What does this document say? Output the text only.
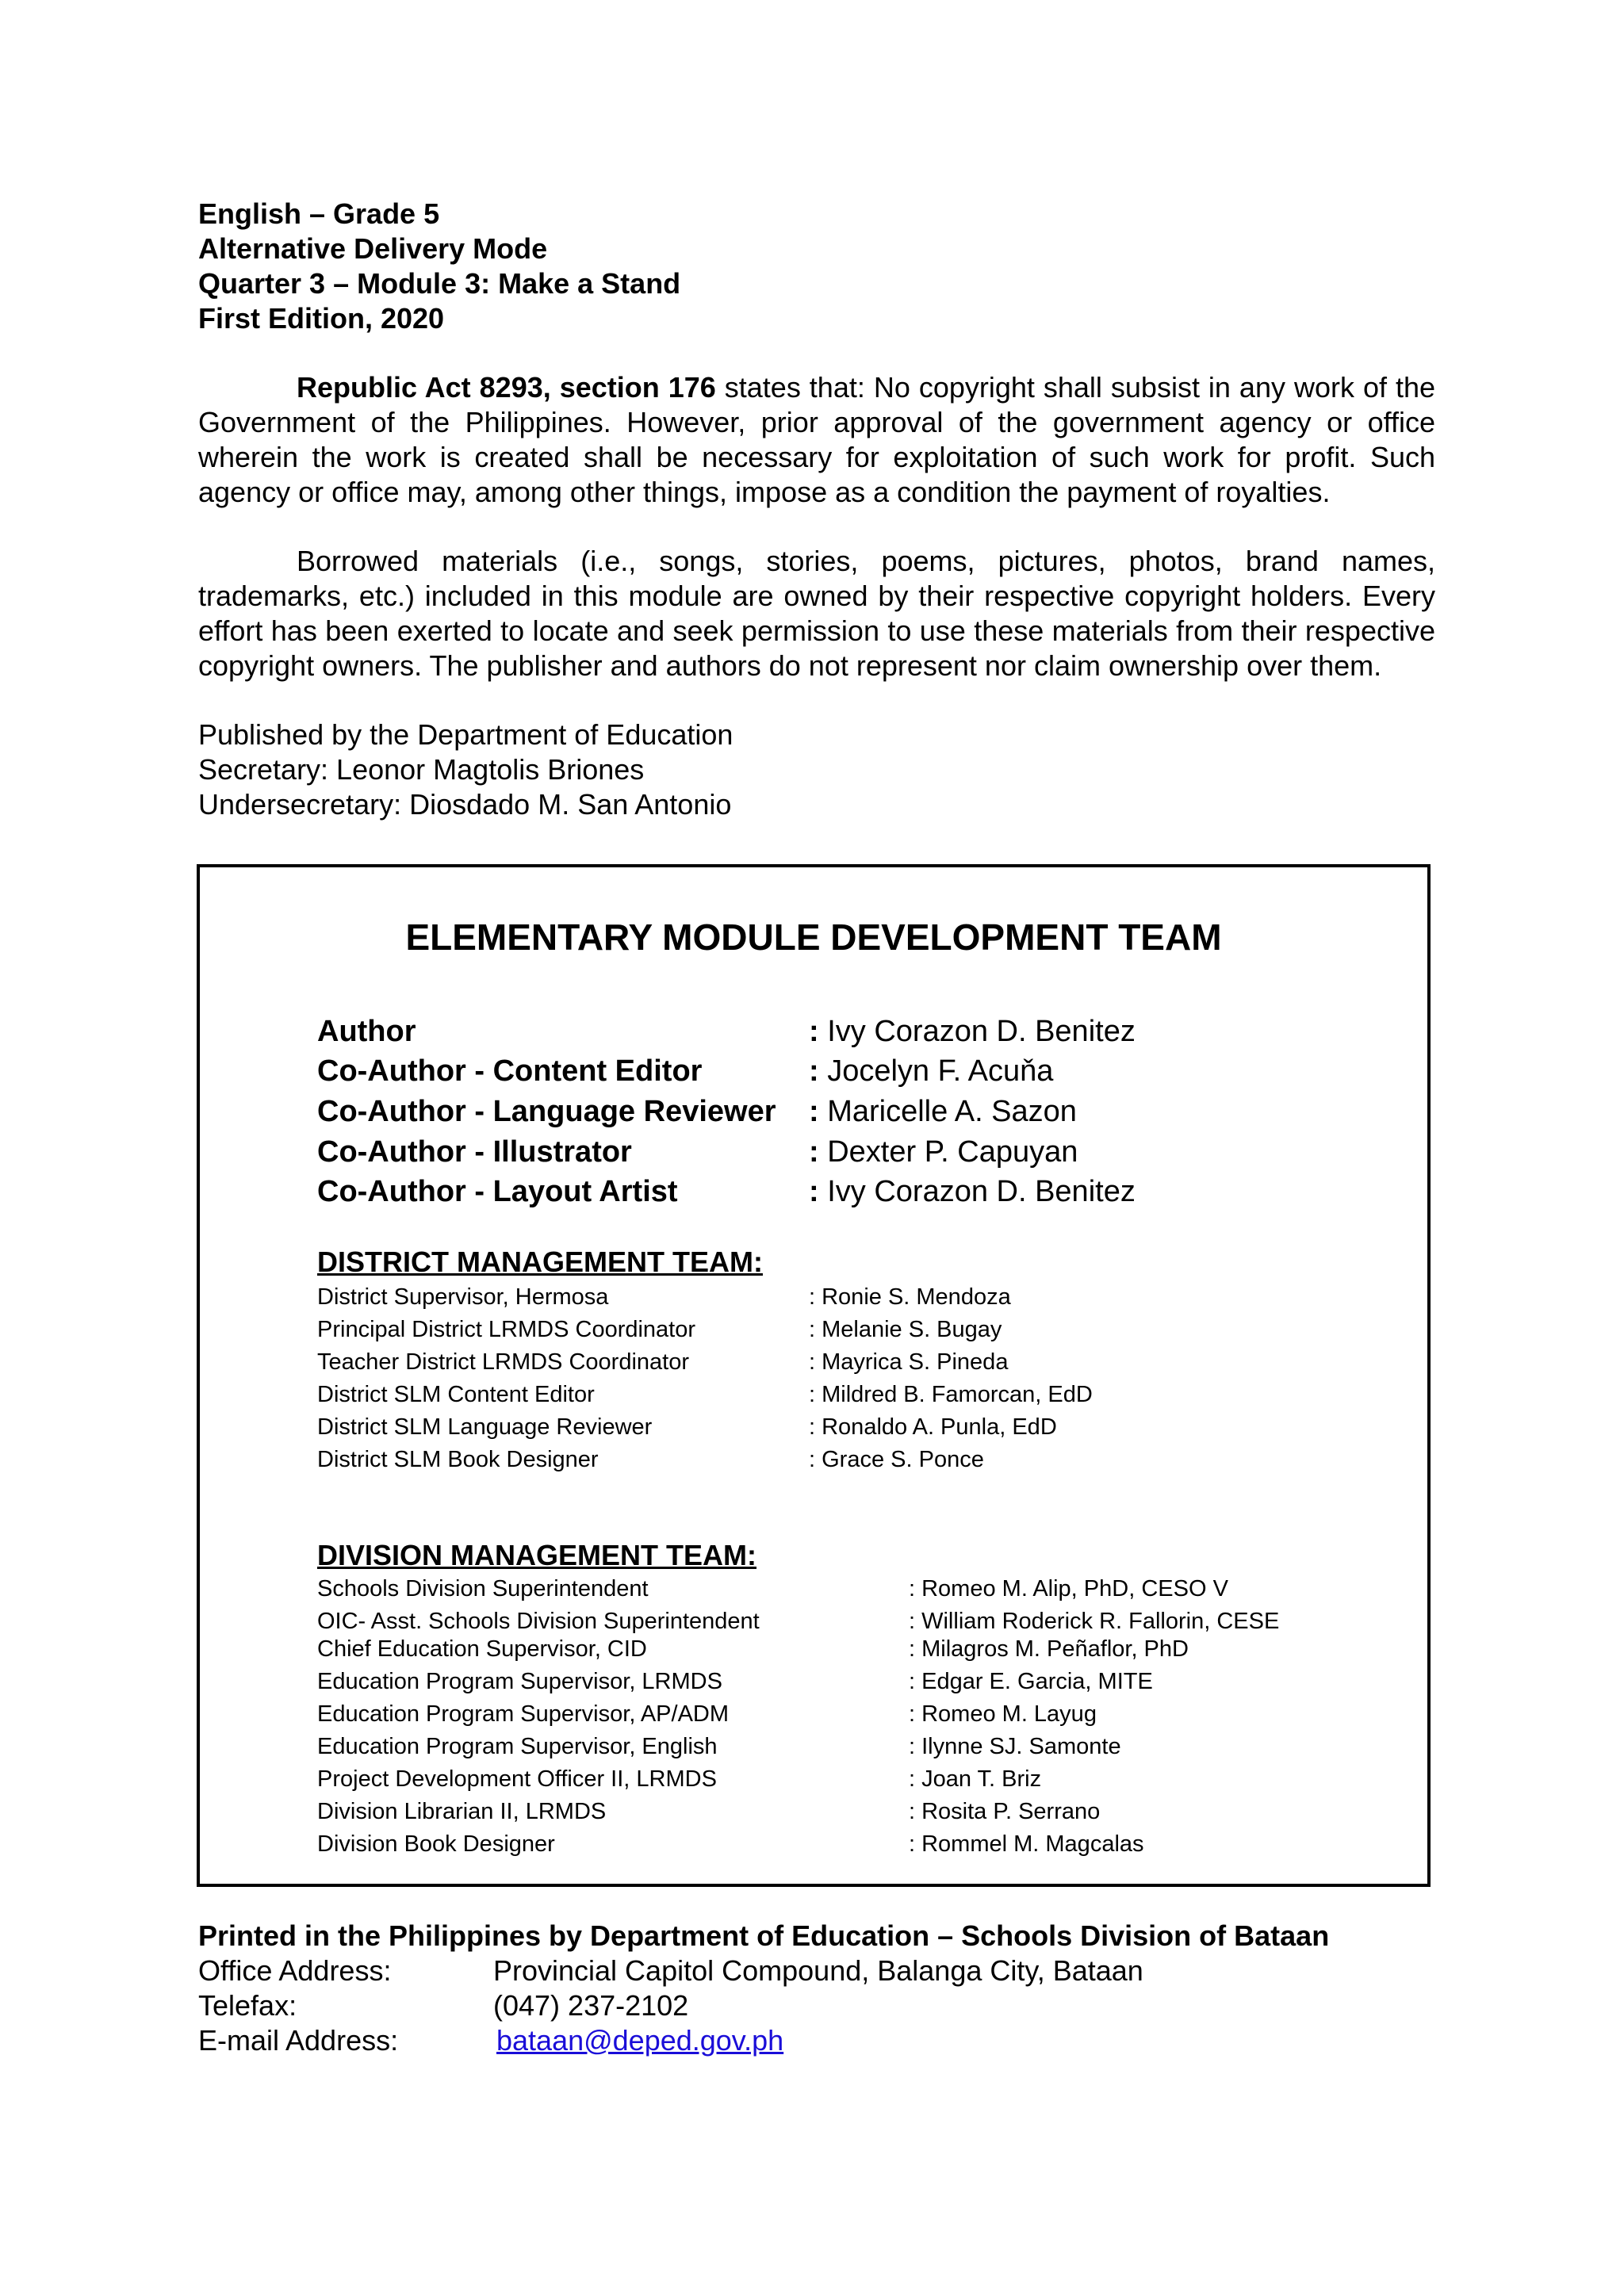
English – Grade 5
Alternative Delivery Mode
Quarter 3 – Module 3: Make a Stand
First Edition, 2020
Republic Act 8293, section 176 states that: No copyright shall subsist in any work of the Government of the Philippines. However, prior approval of the government agency or office wherein the work is created shall be necessary for exploitation of such work for profit. Such agency or office may, among other things, impose as a condition the payment of royalties.
Borrowed materials (i.e., songs, stories, poems, pictures, photos, brand names, trademarks, etc.) included in this module are owned by their respective copyright holders. Every effort has been exerted to locate and seek permission to use these materials from their respective copyright owners. The publisher and authors do not represent nor claim ownership over them.
Published by the Department of Education
Secretary: Leonor Magtolis Briones
Undersecretary: Diosdado M. San Antonio
ELEMENTARY MODULE DEVELOPMENT TEAM
Author	: Ivy Corazon D. Benitez
Co-Author - Content Editor	: Jocelyn F. Acuňa
Co-Author - Language Reviewer	: Maricelle A. Sazon
Co-Author - Illustrator	: Dexter P. Capuyan
Co-Author - Layout Artist	: Ivy Corazon D. Benitez
DISTRICT MANAGEMENT TEAM:
District Supervisor, Hermosa	: Ronie S. Mendoza
Principal District LRMDS Coordinator	: Melanie S. Bugay
Teacher District LRMDS Coordinator	: Mayrica S. Pineda
District SLM Content Editor	: Mildred B. Famorcan, EdD
District SLM Language Reviewer	: Ronaldo A. Punla, EdD
District SLM Book Designer	: Grace S. Ponce
DIVISION MANAGEMENT TEAM:
Schools Division Superintendent	: Romeo M. Alip, PhD, CESO V
OIC- Asst. Schools Division Superintendent	: William Roderick R. Fallorin, CESE
Chief Education Supervisor, CID	: Milagros M. Peñaflor, PhD
Education Program Supervisor, LRMDS	: Edgar E. Garcia, MITE
Education Program Supervisor, AP/ADM	: Romeo M. Layug
Education Program Supervisor, English	: Ilynne SJ. Samonte
Project Development Officer II, LRMDS	: Joan T. Briz
Division Librarian II, LRMDS	: Rosita P. Serrano
Division Book Designer	: Rommel M. Magcalas
Printed in the Philippines by Department of Education – Schools Division of Bataan
Office Address:	Provincial Capitol Compound, Balanga City, Bataan
Telefax:	(047) 237-2102
E-mail Address:	bataan@deped.gov.ph
